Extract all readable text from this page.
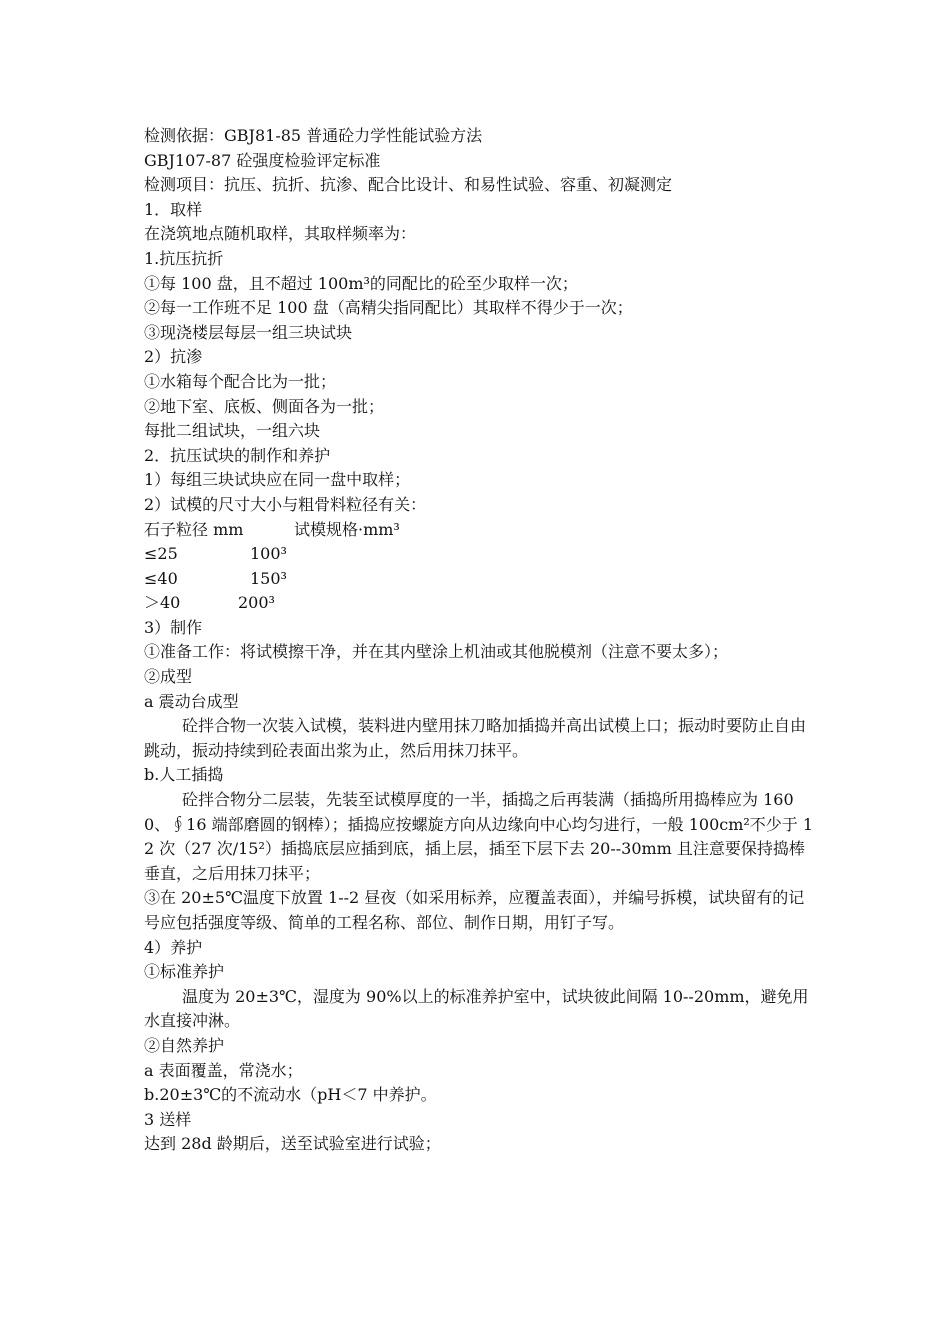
检测依据：GBJ81-85 普通砼力学性能试验方法
GBJ107-87 砼强度检验评定标准
检测项目：抗压、抗折、抗渗、配合比设计、和易性试验、容重、初凝测定
1．取样
在浇筑地点随机取样，其取样频率为：
1.抗压抗折
①每 100 盘，且不超过 100m³的同配比的砼至少取样一次；
②每一工作班不足 100 盘（高精尖指同配比）其取样不得少于一次；
③现浇楼层每层一组三块试块
2）抗渗
①水箱每个配合比为一批；
②地下室、底板、侧面各为一批；
每批二组试块，一组六块
2．抗压试块的制作和养护
1）每组三块试块应在同一盘中取样；
2）试模的尺寸大小与粗骨料粒径有关：
石子粒径 mm	试模规格·mm³
≤25	100³
≤40	150³
＞40	200³
3）制作
①准备工作：将试模擦干净，并在其内壁涂上机油或其他脱模剂（注意不要太多）；
②成型
a 震动台成型
砼拌合物一次装入试模，装料进内壁用抹刀略加插捣并高出试模上口；振动时要防止自由跳动，振动持续到砼表面出浆为止，然后用抹刀抹平。
b.人工插捣
砼拌合物分二层装，先装至试模厚度的一半，插捣之后再装满（插捣所用捣棒应为 1600、∮16 端部磨圆的钢棒）；插捣应按螺旋方向从边缘向中心均匀进行，一般 100cm²不少于 12 次（27 次/15²）插捣底层应插到底，插上层，插至下层下去 20--30mm 且注意要保持捣棒垂直，之后用抹刀抹平；
③在 20±5℃温度下放置 1--2 昼夜（如采用标养，应覆盖表面），并编号拆模，试块留有的记号应包括强度等级、简单的工程名称、部位、制作日期，用钉子写。
4）养护
①标准养护
温度为 20±3℃，湿度为 90%以上的标准养护室中，试块彼此间隔 10--20mm，避免用水直接冲淋。
②自然养护
a 表面覆盖，常浇水；
b.20±3℃的不流动水（pH＜7 中养护。
3 送样
达到 28d 龄期后，送至试验室进行试验；
